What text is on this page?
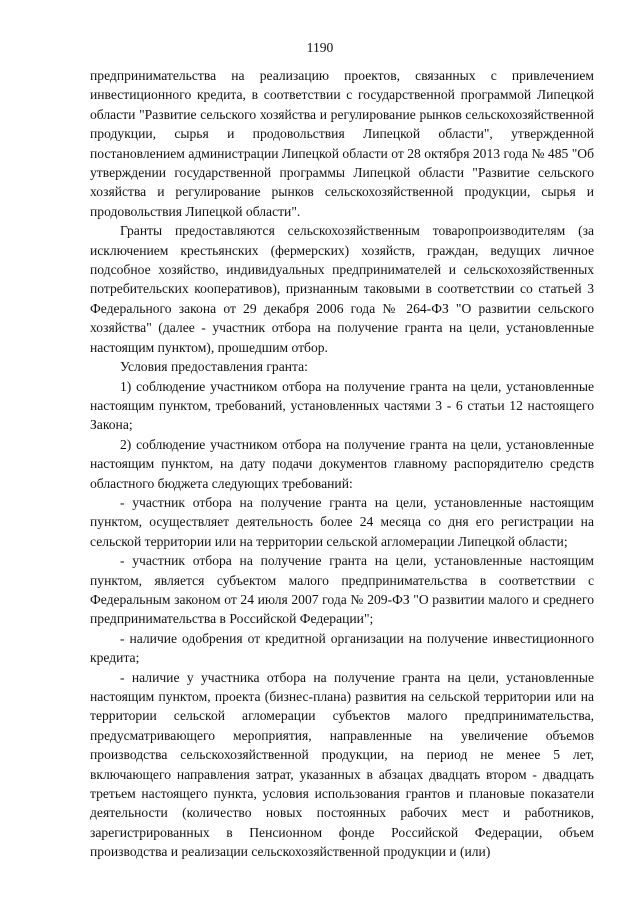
1190

предпринимательства на реализацию проектов, связанных с привлечением инвестиционного кредита, в соответствии с государственной программой Липецкой области "Развитие сельского хозяйства и регулирование рынков сельскохозяйственной продукции, сырья и продовольствия Липецкой области", утвержденной постановлением администрации Липецкой области от 28 октября 2013 года № 485 "Об утверждении государственной программы Липецкой области "Развитие сельского хозяйства и регулирование рынков сельскохозяйственной продукции, сырья и продовольствия Липецкой области".

Гранты предоставляются сельскохозяйственным товаропроизводителям (за исключением крестьянских (фермерских) хозяйств, граждан, ведущих личное подсобное хозяйство, индивидуальных предпринимателей и сельскохозяйственных потребительских кооперативов), признанным таковыми в соответствии со статьей 3 Федерального закона от 29 декабря 2006 года № 264-ФЗ "О развитии сельского хозяйства" (далее - участник отбора на получение гранта на цели, установленные настоящим пунктом), прошедшим отбор.

Условия предоставления гранта:

1) соблюдение участником отбора на получение гранта на цели, установленные настоящим пунктом, требований, установленных частями 3 - 6 статьи 12 настоящего Закона;

2) соблюдение участником отбора на получение гранта на цели, установленные настоящим пунктом, на дату подачи документов главному распорядителю средств областного бюджета следующих требований:

- участник отбора на получение гранта на цели, установленные настоящим пунктом, осуществляет деятельность более 24 месяца со дня его регистрации на сельской территории или на территории сельской агломерации Липецкой области;

- участник отбора на получение гранта на цели, установленные настоящим пунктом, является субъектом малого предпринимательства в соответствии с Федеральным законом от 24 июля 2007 года № 209-ФЗ "О развитии малого и среднего предпринимательства в Российской Федерации";

- наличие одобрения от кредитной организации на получение инвестиционного кредита;

- наличие у участника отбора на получение гранта на цели, установленные настоящим пунктом, проекта (бизнес-плана) развития на сельской территории или на территории сельской агломерации субъектов малого предпринимательства, предусматривающего мероприятия, направленные на увеличение объемов производства сельскохозяйственной продукции, на период не менее 5 лет, включающего направления затрат, указанных в абзацах двадцать втором - двадцать третьем настоящего пункта, условия использования грантов и плановые показатели деятельности (количество новых постоянных рабочих мест и работников, зарегистрированных в Пенсионном фонде Российской Федерации, объем производства и реализации сельскохозяйственной продукции и (или)
